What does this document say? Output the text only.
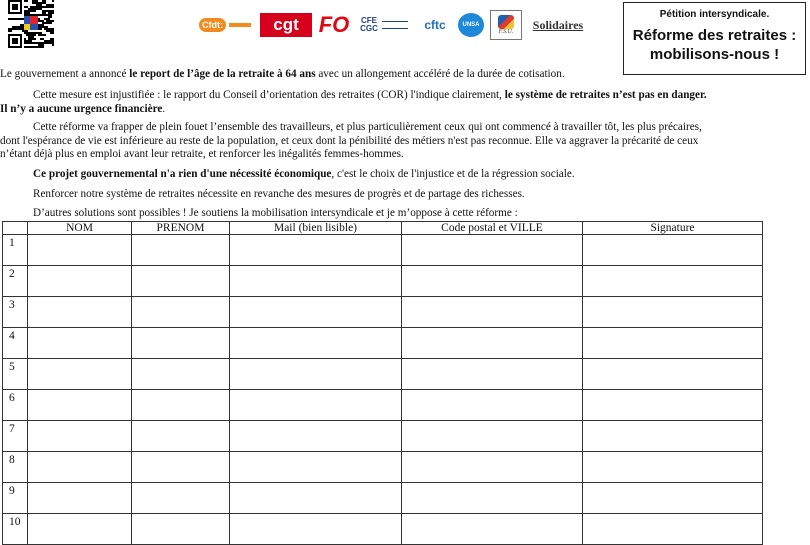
Cfdt:	cgt FO CFE CGC	cftc	UNSA
F.S.U.
Solidaires
Pétition intersyndicale.
Réforme des retraites :
mobilisons-nous !

Le gouvernement a annoncé le report de l’âge de la retraite à 64 ans avec un allongement accéléré de la durée de cotisation.

Cette mesure est injustifiée : le rapport du Conseil d’orientation des retraites (COR) l'indique clairement, le système de retraites n’est pas en danger.
Il n’y a aucune urgence financière.

Cette réforme va frapper de plein fouet l’ensemble des travailleurs, et plus particulièrement ceux qui ont commencé à travailler tôt, les plus précaires,
dont l'espérance de vie est inférieure au reste de la population, et ceux dont la pénibilité des métiers n'est pas reconnue. Elle va aggraver la précarité de ceux
n’étant déjà plus en emploi avant leur retraite, et renforcer les inégalités femmes-hommes.

Ce projet gouvernemental n'a rien d'une nécessité économique, c'est le choix de l'injustice et de la régression sociale.

Renforcer notre système de retraites nécessite en revanche des mesures de progrès et de partage des richesses.

D’autres solutions sont possibles ! Je soutiens la mobilisation intersyndicale et je m’oppose à cette réforme :

	NOM	PRENOM	Mail (bien lisible)	Code postal et VILLE	Signature
1					
2					
3					
4					
5					
6					
7					
8					
9					
10					
